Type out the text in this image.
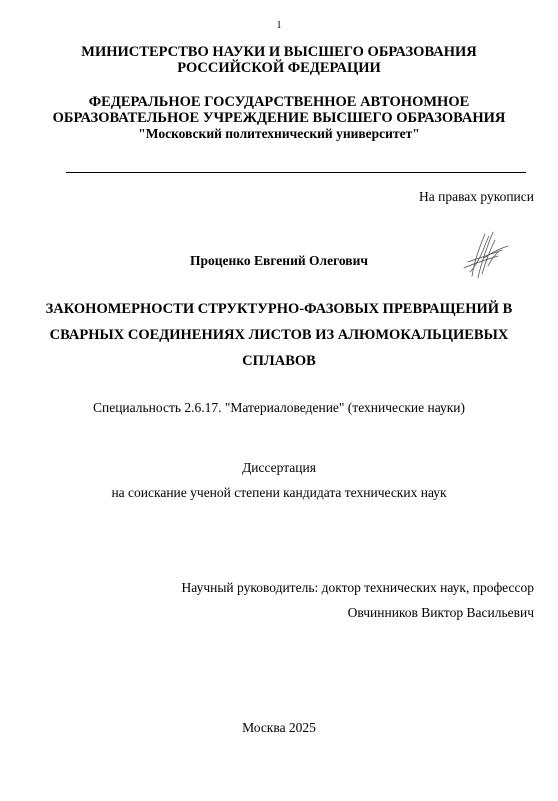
1
МИНИСТЕРСТВО НАУКИ И ВЫСШЕГО ОБРАЗОВАНИЯ
РОССИЙСКОЙ ФЕДЕРАЦИИ
ФЕДЕРАЛЬНОЕ ГОСУДАРСТВЕННОЕ АВТОНОМНОЕ
ОБРАЗОВАТЕЛЬНОЕ УЧРЕЖДЕНИЕ ВЫСШЕГО ОБРАЗОВАНИЯ
"Московский политехнический университет"
На правах рукописи
Проценко Евгений Олегович
ЗАКОНОМЕРНОСТИ СТРУКТУРНО-ФАЗОВЫХ ПРЕВРАЩЕНИЙ В
СВАРНЫХ СОЕДИНЕНИЯХ ЛИСТОВ ИЗ АЛЮМОКАЛЬЦИЕВЫХ
СПЛАВОВ
Специальность 2.6.17. "Материаловедение" (технические науки)
Диссертация
на соискание ученой степени кандидата технических наук
Научный руководитель: доктор технических наук, профессор
Овчинников Виктор Васильевич
Москва 2025
